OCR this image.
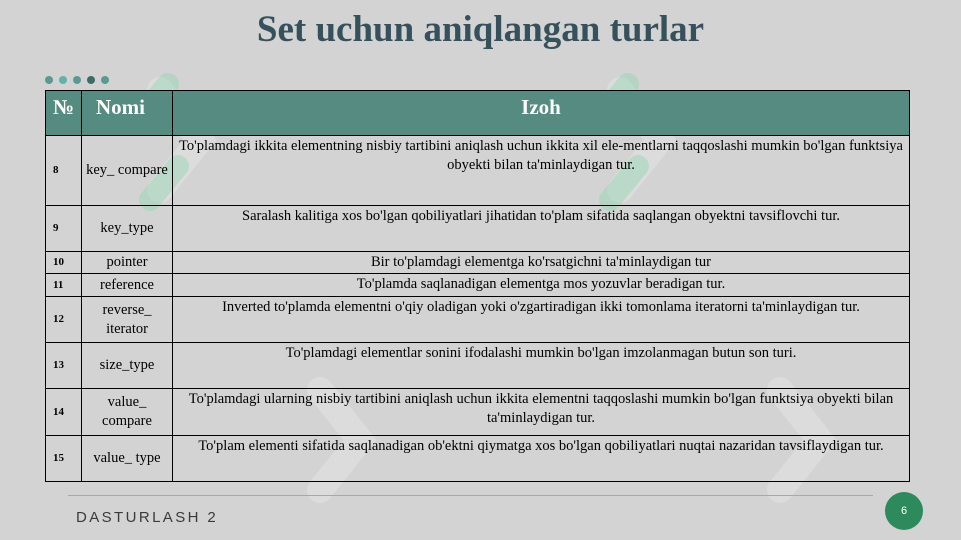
Set uchun aniqlangan turlar
№	Nomi	Izoh
8	key_ compare	To'plamdagi ikkita elementning nisbiy tartibini aniqlash uchun ikkita xil ele-mentlarni taqqoslashi mumkin bo'lgan funktsiya obyekti bilan ta'minlaydigan tur.
9	key_type	Saralash kalitiga xos bo'lgan qobiliyatlari jihatidan to'plam sifatida saqlangan obyektni tavsiflovchi tur.
10	pointer	Bir to'plamdagi elementga ko'rsatgichni ta'minlaydigan tur
11	reference	To'plamda saqlanadigan elementga mos yozuvlar beradigan tur.
12	reverse_ iterator	Inverted to'plamda elementni o'qiy oladigan yoki o'zgartiradigan ikki tomonlama iteratorni ta'minlaydigan tur.
13	size_type	To'plamdagi elementlar sonini ifodalashi mumkin bo'lgan imzolanmagan butun son turi.
14	value_ compare	To'plamdagi ularning nisbiy tartibini aniqlash uchun ikkita elementni taqqoslashi mumkin bo'lgan funktsiya obyekti bilan ta'minlaydigan tur.
15	value_ type	To'plam elementi sifatida saqlanadigan ob'ektni qiymatga xos bo'lgan qobiliyatlari nuqtai nazaridan tavsiflaydigan tur.
DASTURLASH 2	6
